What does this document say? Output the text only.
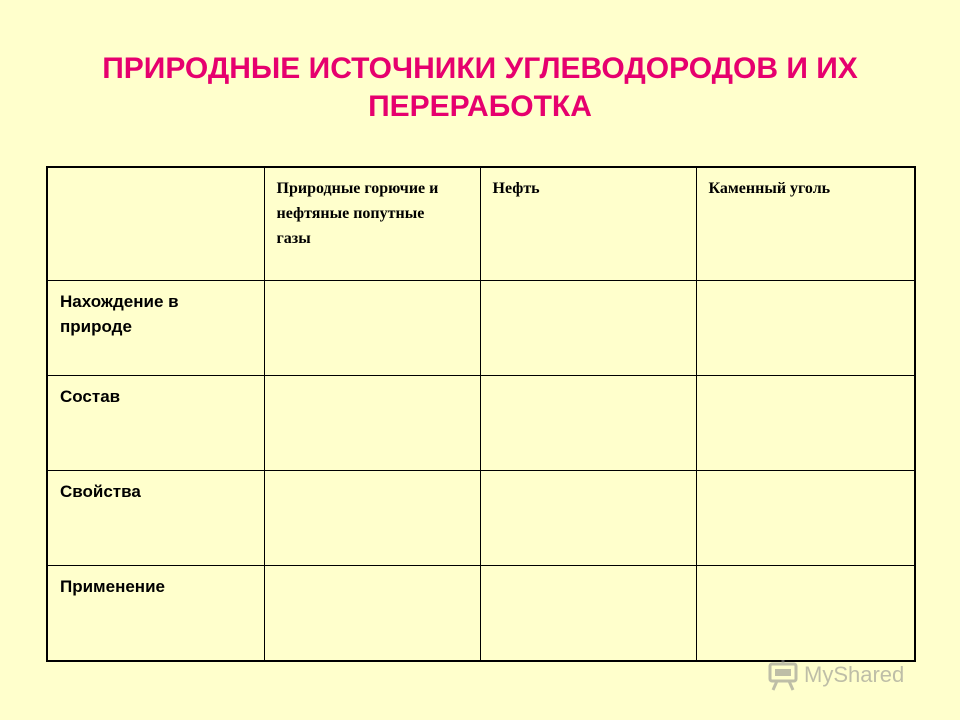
ПРИРОДНЫЕ ИСТОЧНИКИ УГЛЕВОДОРОДОВ И ИХ
ПЕРЕРАБОТКА

	Природные горючие и нефтяные попутные газы	Нефть	Каменный уголь

Нахождение в природе			

Состав			

Свойства			

Применение			

MyShared
